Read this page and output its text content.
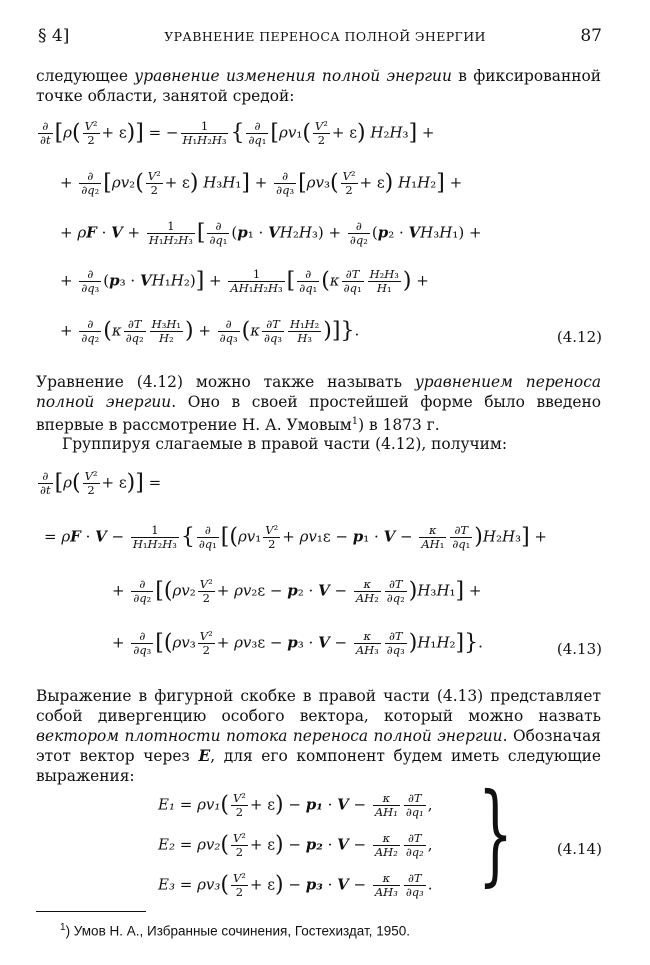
§ 4]	УРАВНЕНИЕ ПЕРЕНОСА ПОЛНОЙ ЭНЕРГИИ	87
следующее уравнение изменения полной энергии в фиксированной точке области, занятой средой:
$\frac{\partial}{\partial t} [\rho( \frac{\text{V²}}{2} + \varepsilon)]$ = − $\frac{1}{\text{H₁H₂H₃}}$ { $\frac{\partial}{\text{∂q₁}} [\rho v_1( \frac{\text{V²}}{2} + \varepsilon) H_2H_3]$ +
+ $\frac{\partial}{\text{∂q₂}} [\rho v_2( \frac{\text{V²}}{2} + \varepsilon) H_3H_1] + \frac{\partial}{\text{∂q₃}} [\rho v_3( \frac{\text{V²}}{2} + \varepsilon) H_1H_2]$ +
+ $\rho F \cdot V + \frac{1}{\text{H₁H₂H₃}}$ [ $\frac{\partial}{\text{∂q₁}} (p_1 \cdot VH_2H_3) + \frac{\partial}{\text{∂q₂}} (p_2 \cdot VH_3H_1)$ +
+ $\frac{\partial}{\text{∂q₃}} (p_3 \cdot VH_1H_2)] + \frac{1}{\text{AH₁H₂H₃}}$ [ $\frac{\partial}{\text{∂q₁}} (\kappa \frac{\partial T}{\text{∂q₁}} \frac{\text{H₂H₃}}{\text{H₁}}$ ) +
+ $\frac{\partial}{\text{∂q₂}} (\kappa \frac{\partial T}{\text{∂q₂}} \frac{\text{H₃H₁}}{\text{H₂}}$ ) + $\frac{\partial}{\text{∂q₃}} (\kappa \frac{\partial T}{\text{∂q₃}} \frac{\text{H₁H₂}}{\text{H₃}}$ )]}.	(4.12)
Уравнение (4.12) можно также называть уравнением переноса полной энергии. Оно в своей простейшей форме было введено впервые в рассмотрение Н. А. Умовым$^1$) в 1873 г.
Группируя слагаемые в правой части (4.12), получим:
$\frac{\partial}{\partial t} [\rho( \frac{\text{V²}}{2} + \varepsilon)]$ =
= $\rho F \cdot V - \frac{1}{\text{H₁H₂H₃}}$ { $\frac{\partial}{\text{∂q₁}} [(\rho v_1 \frac{\text{V²}}{2} + \rho v_1\varepsilon - p_1 \cdot V - \frac{\kappa}{\text{AH₁}} \frac{\partial T}{\text{∂q₁}} )H_2H_3]$ +
+ $\frac{\partial}{\text{∂q₂}} [(\rho v_2 \frac{\text{V²}}{2} + \rho v_2\varepsilon - p_2 \cdot V - \frac{\kappa}{\text{AH₂}} \frac{\partial T}{\text{∂q₂}} )H_3H_1]$ +
+ $\frac{\partial}{\text{∂q₃}} [(\rho v_3 \frac{\text{V²}}{2} + \rho v_3\varepsilon - p_3 \cdot V - \frac{\kappa}{\text{AH₃}} \frac{\partial T}{\text{∂q₃}} )H_1H_2]$}.	(4.13)
Выражение в фигурной скобке в правой части (4.13) представляет собой дивергенцию особого вектора, который можно назвать вектором плотности потока переноса полной энергии. Обозначая этот вектор через E, для его компонент будем иметь следующие выражения:
$E_1 = \rho v_1( \frac{\text{V²}}{2} + \varepsilon) - p_1 \cdot V - \frac{\kappa}{\text{AH₁}} \frac{\partial T}{\text{∂q₁}}$ ,
$E_2 = \rho v_2( \frac{\text{V²}}{2} + \varepsilon) - p_2 \cdot V - \frac{\kappa}{\text{AH₂}} \frac{\partial T}{\text{∂q₂}}$ ,
$E_3 = \rho v_3( \frac{\text{V²}}{2} + \varepsilon) - p_3 \cdot V - \frac{\kappa}{\text{AH₃}} \frac{\partial T}{\text{∂q₃}}$ . }	(4.14)
$^1$) Умов Н. А., Избранные сочинения, Гостехиздат, 1950.
